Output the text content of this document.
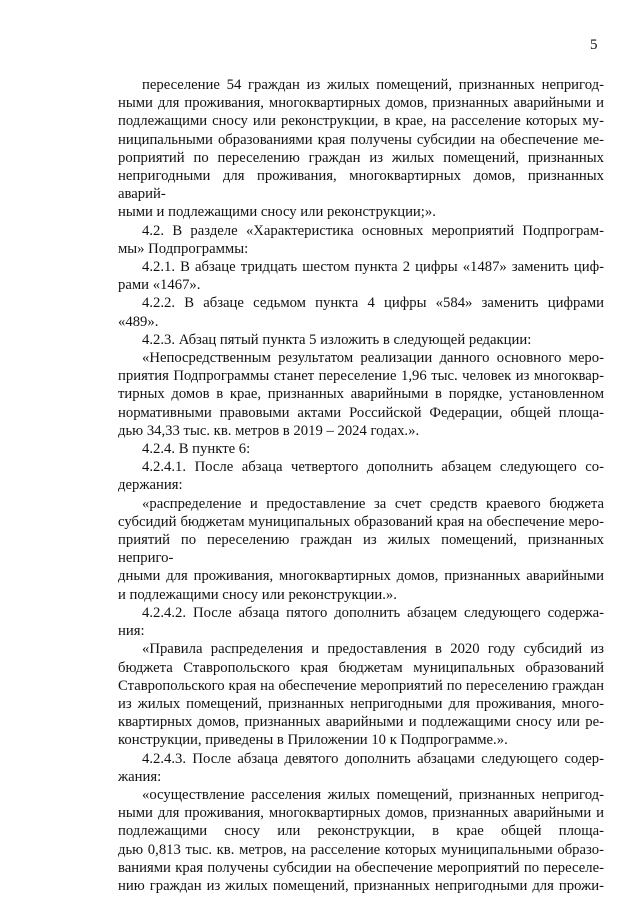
5

переселение 54 граждан из жилых помещений, признанных непригод-
ными для проживания, многоквартирных домов, признанных аварийными и
подлежащими сносу или реконструкции, в крае, на расселение которых му-
ниципальными образованиями края получены субсидии на обеспечение ме-
роприятий по переселению граждан из жилых помещений, признанных
непригодными для проживания, многоквартирных домов, признанных аварий-
ными и подлежащими сносу или реконструкции;».

4.2. В разделе «Характеристика основных мероприятий Подпрограм-
мы» Подпрограммы:

4.2.1. В абзаце тридцать шестом пункта 2 цифры «1487» заменить циф-
рами «1467».

4.2.2. В абзаце седьмом пункта 4 цифры «584» заменить цифрами
«489».

4.2.3. Абзац пятый пункта 5 изложить в следующей редакции:

«Непосредственным результатом реализации данного основного меро-
приятия Подпрограммы станет переселение 1,96 тыс. человек из многоквар-
тирных домов в крае, признанных аварийными в порядке, установленном
нормативными правовыми актами Российской Федерации, общей площа-
дью 34,33 тыс. кв. метров в 2019 – 2024 годах.».

4.2.4. В пункте 6:

4.2.4.1. После абзаца четвертого дополнить абзацем следующего со-
держания:

«распределение и предоставление за счет средств краевого бюджета
субсидий бюджетам муниципальных образований края на обеспечение меро-
приятий по переселению граждан из жилых помещений, признанных неприго-
дными для проживания, многоквартирных домов, признанных аварийными
и подлежащими сносу или реконструкции.».

4.2.4.2. После абзаца пятого дополнить абзацем следующего содержа-
ния:

«Правила распределения и предоставления в 2020 году субсидий из
бюджета Ставропольского края бюджетам муниципальных образований
Ставропольского края на обеспечение мероприятий по переселению граждан
из жилых помещений, признанных непригодными для проживания, много-
квартирных домов, признанных аварийными и подлежащими сносу или ре-
конструкции, приведены в Приложении 10 к Подпрограмме.».

4.2.4.3. После абзаца девятого дополнить абзацами следующего содер-
жания:

«осуществление расселения жилых помещений, признанных непригод-
ными для проживания, многоквартирных домов, признанных аварийными и
подлежащими сносу или реконструкции, в крае общей площа-
дью 0,813 тыс. кв. метров, на расселение которых муниципальными образо-
ваниями края получены субсидии на обеспечение мероприятий по переселе-
нию граждан из жилых помещений, признанных непригодными для прожи-
